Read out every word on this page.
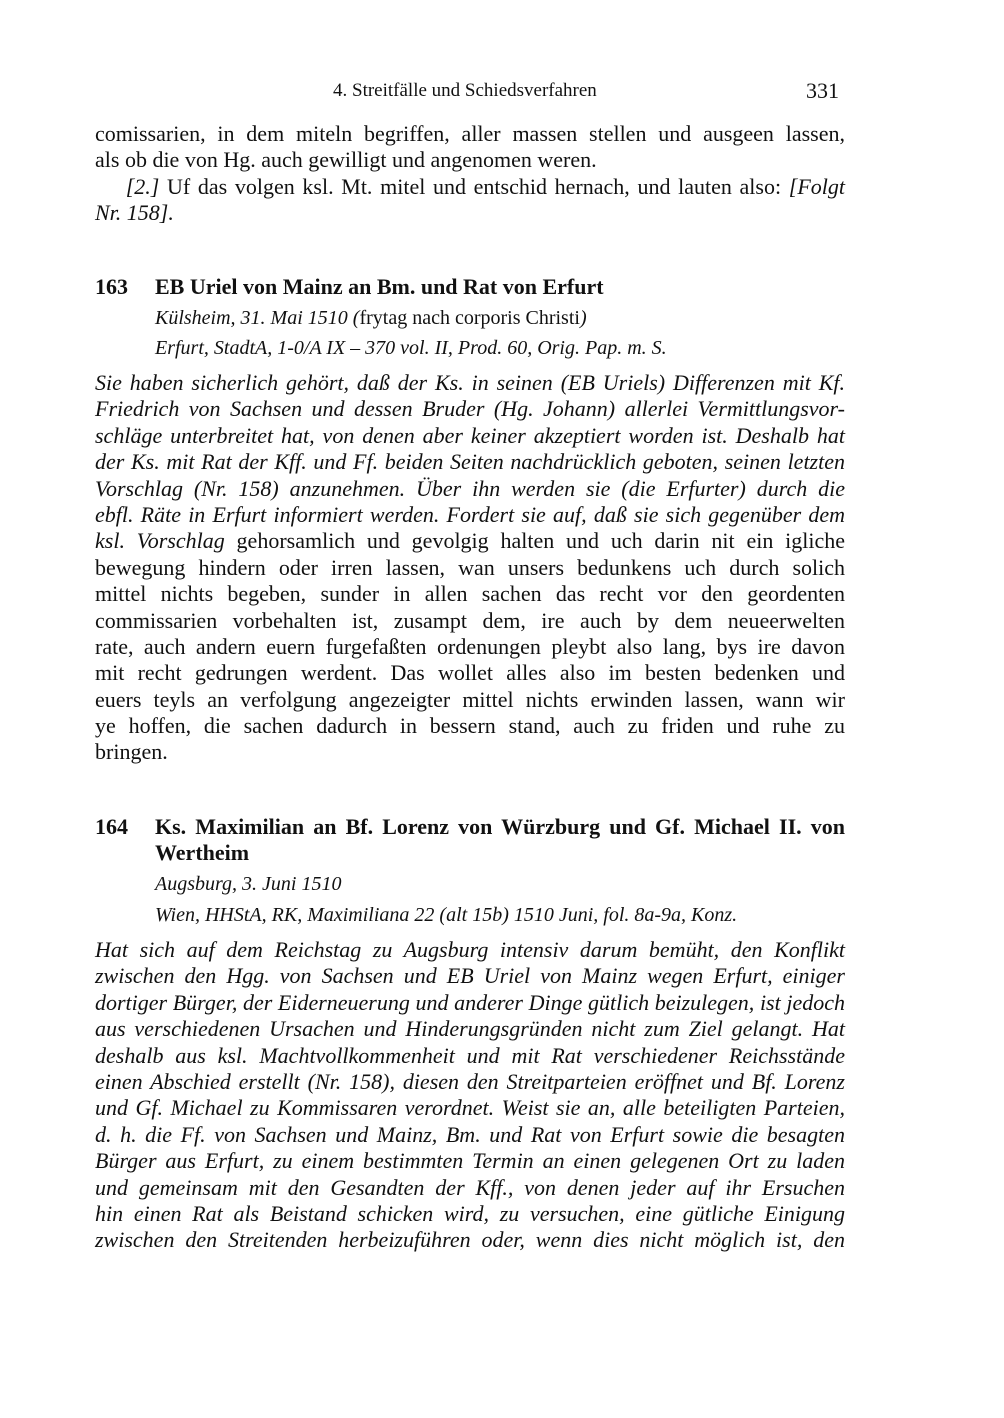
4. Streitfälle und Schiedsverfahren	331
comissarien, in dem miteln begriffen, aller massen stellen und ausgeen lassen,
als ob die von Hg. auch gewilligt und angenomen weren.
[2.] Uf das volgen ksl. Mt. mitel und entschid hernach, und lauten also: [Folgt
Nr. 158].
163 EB Uriel von Mainz an Bm. und Rat von Erfurt
Külsheim, 31. Mai 1510 (frytag nach corporis Christi)
Erfurt, StadtA, 1-0/A IX – 370 vol. II, Prod. 60, Orig. Pap. m. S.
Sie haben sicherlich gehört, daß der Ks. in seinen (EB Uriels) Differenzen mit Kf.
Friedrich von Sachsen und dessen Bruder (Hg. Johann) allerlei Vermittlungsvor-
schläge unterbreitet hat, von denen aber keiner akzeptiert worden ist. Deshalb hat
der Ks. mit Rat der Kff. und Ff. beiden Seiten nachdrücklich geboten, seinen letzten
Vorschlag (Nr. 158) anzunehmen. Über ihn werden sie (die Erfurter) durch die
ebfl. Räte in Erfurt informiert werden. Fordert sie auf, daß sie sich gegenüber dem
ksl. Vorschlag gehorsamlich und gevolgig halten und uch darin nit ein igliche
bewegung hindern oder irren lassen, wan unsers bedunkens uch durch solich
mittel nichts begeben, sunder in allen sachen das recht vor den geordenten
commissarien vorbehalten ist, zusampt dem, ire auch by dem neueerwelten
rate, auch andern euern furgefaßten ordenungen pleybt also lang, bys ire davon
mit recht gedrungen werdent. Das wollet alles also im besten bedenken und
euers teyls an verfolgung angezeigter mittel nichts erwinden lassen, wann wir
ye hoffen, die sachen dadurch in bessern stand, auch zu friden und ruhe zu
bringen.
164 Ks. Maximilian an Bf. Lorenz von Würzburg und Gf. Michael II. von
Wertheim
Augsburg, 3. Juni 1510
Wien, HHStA, RK, Maximiliana 22 (alt 15b) 1510 Juni, fol. 8a-9a, Konz.
Hat sich auf dem Reichstag zu Augsburg intensiv darum bemüht, den Konflikt
zwischen den Hgg. von Sachsen und EB Uriel von Mainz wegen Erfurt, einiger
dortiger Bürger, der Eiderneuerung und anderer Dinge gütlich beizulegen, ist jedoch
aus verschiedenen Ursachen und Hinderungsgründen nicht zum Ziel gelangt. Hat
deshalb aus ksl. Machtvollkommenheit und mit Rat verschiedener Reichsstände
einen Abschied erstellt (Nr. 158), diesen den Streitparteien eröffnet und Bf. Lorenz
und Gf. Michael zu Kommissaren verordnet. Weist sie an, alle beteiligten Parteien,
d. h. die Ff. von Sachsen und Mainz, Bm. und Rat von Erfurt sowie die besagten
Bürger aus Erfurt, zu einem bestimmten Termin an einen gelegenen Ort zu laden
und gemeinsam mit den Gesandten der Kff., von denen jeder auf ihr Ersuchen
hin einen Rat als Beistand schicken wird, zu versuchen, eine gütliche Einigung
zwischen den Streitenden herbeizuführen oder, wenn dies nicht möglich ist, den
